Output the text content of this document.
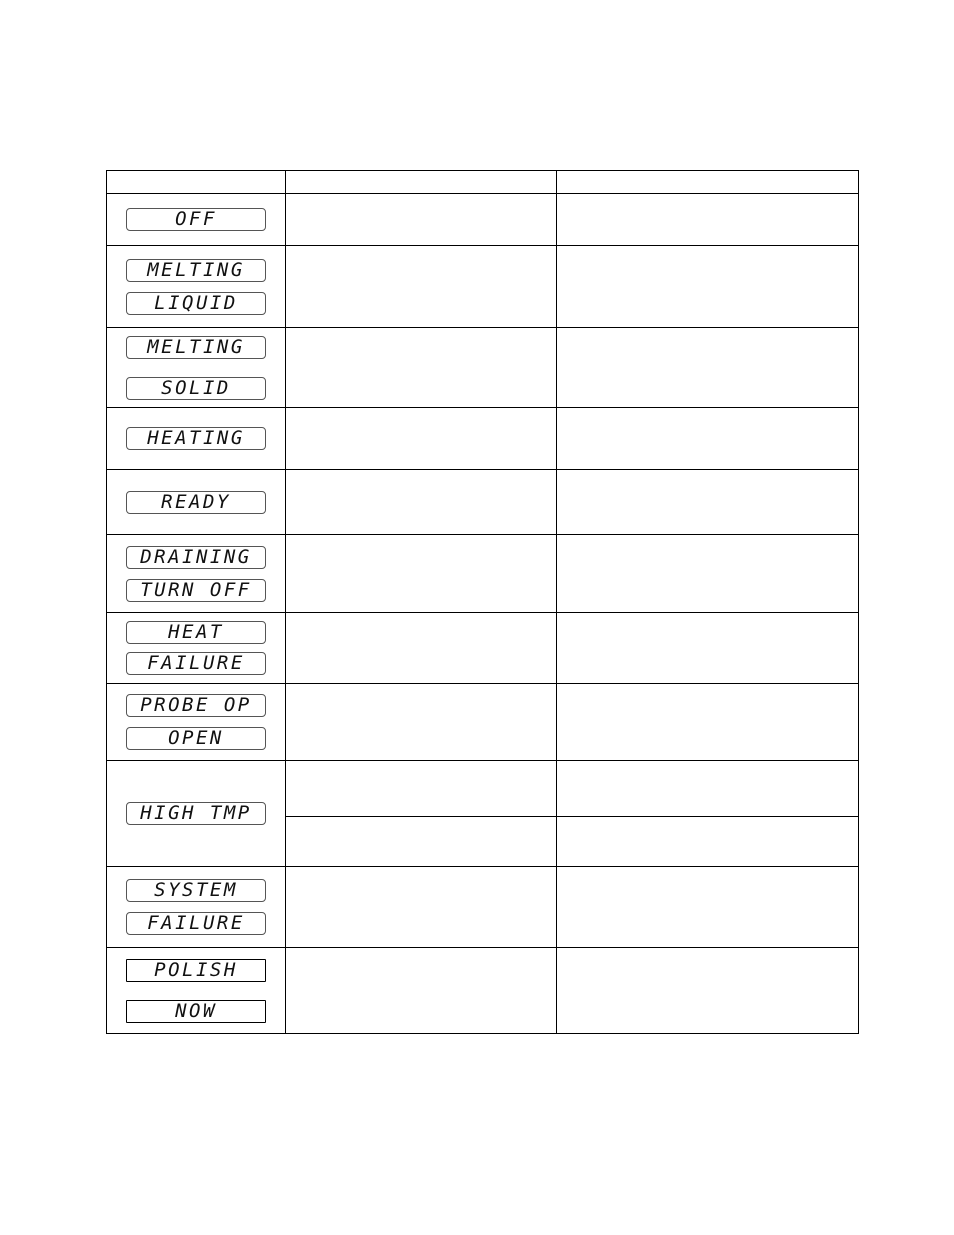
OFF		

MELTING
LIQUID		

MELTING
SOLID		

HEATING		

READY		

DRAINING
TURN OFF		

HEAT
FAILURE		

PROBE OP
OPEN		

HIGH TMP		

SYSTEM
FAILURE		

POLISH
NOW		
